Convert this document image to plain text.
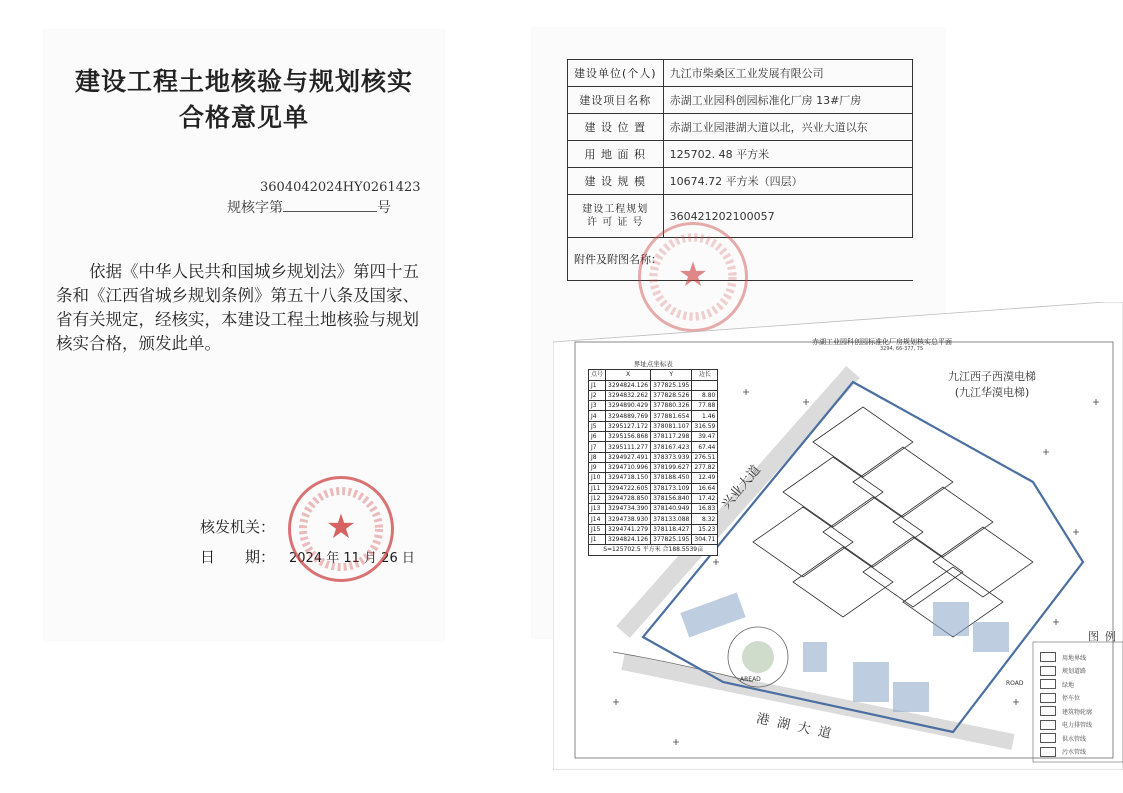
建设工程土地核验与规划核实
合格意见单
3604042024HY0261423
规核字第	号

依据《中华人民共和国城乡规划法》第四十五条和《江西省城乡规划条例》第五十八条及国家、省有关规定，经核实，本建设工程土地核验与规划核实合格，颁发此单。

核发机关：
日　　期： 2024 年 11 月 26 日
★
建设单位(个人)	九江市柴桑区工业发展有限公司
建设项目名称	赤湖工业园科创园标准化厂房 13#厂房
建 设 位 置	赤湖工业园港湖大道以北，兴业大道以东
用 地 面 积	125702. 48 平方米
建 设 规 模	10674.72 平方米（四层）

建设工程规划
许 可 证 号	360421202100057
附件及附图名称：	★
界址点坐标表			
点号	X	Y	边长
J1	3294824.126	377825.195	
J2	3294832.262	377828.526	8.80
J3	3294890.429	377880.326	77.88
J4	3294889.769	377881.654	1.46
J5	3295127.172	378081.107	316.59
J6	3295156.868	378117.298	39.47
J7	3295111.277	378167.423	67.44
J8	3294927.491	378373.939	276.51
J9	3294710.996	378199.627	277.82
J10	3294718.150	378188.450	12.49
J11	3294722.605	378173.109	16.64
J12	3294728.850	378156.840	17.42
J13	3294734.390	378140.949	16.83
J14	3294738.930	378133.088	8.32
J15	3294741.279	378118.427	15.23
J1	3294824.126	377825.195	304.71
S=125702.5 平方米 合188.5539亩			
赤湖工业园科创园标准化厂房规划核实总平面
3294, 66-377, 75
九江西子西漠电梯
(九江华漠电梯)
兴业大道
港湖大道
AREAD
ROAD
图例
用地界线
规划道路
绿地
停车位
建筑物轮廓
电力排管线
供水管线
污水管线
